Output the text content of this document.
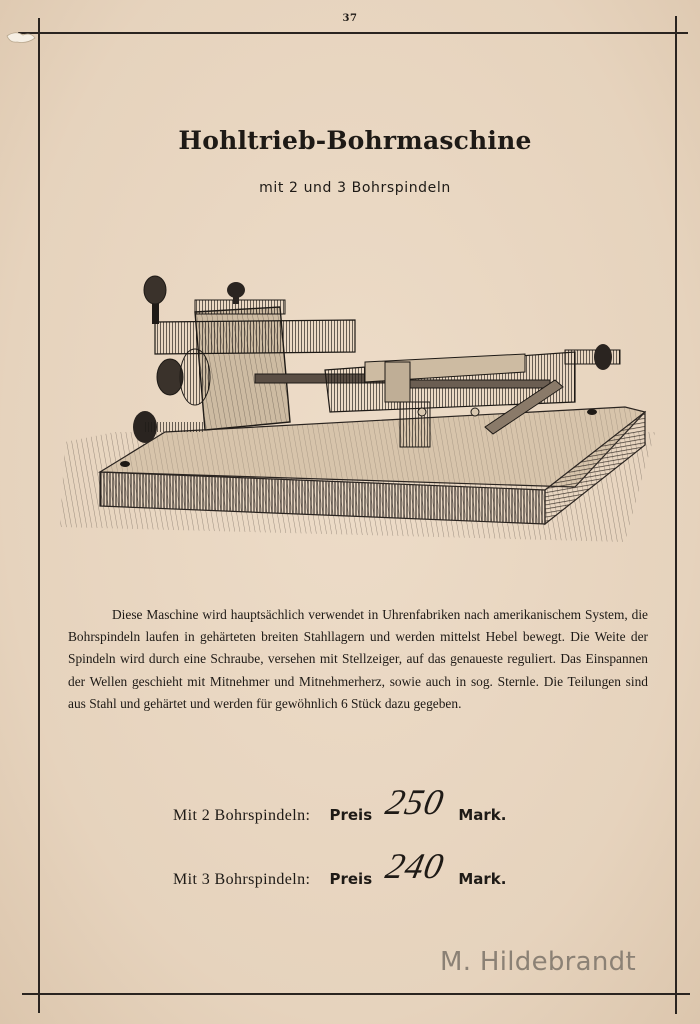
37
Hohltrieb-Bohrmaschine
mit 2 und 3 Bohrspindeln

Diese Maschine wird hauptsächlich verwendet in Uhrenfabriken nach amerikanischem System, die Bohrspindeln laufen in gehärteten breiten Stahllagern und werden mittelst Hebel bewegt. Die Weite der Spindeln wird durch eine Schraube, versehen mit Stellzeiger, auf das genaueste reguliert. Das Einspannen der Wellen geschieht mit Mitnehmer und Mitnehmerherz, sowie auch in sog. Sternle. Die Teilungen sind aus Stahl und gehärtet und werden für gewöhnlich 6 Stück dazu gegeben.

Mit 2 Bohrspindeln: Preis 250 Mark.
Mit 3 Bohrspindeln: Preis 240 Mark.
M. Hildebrandt
